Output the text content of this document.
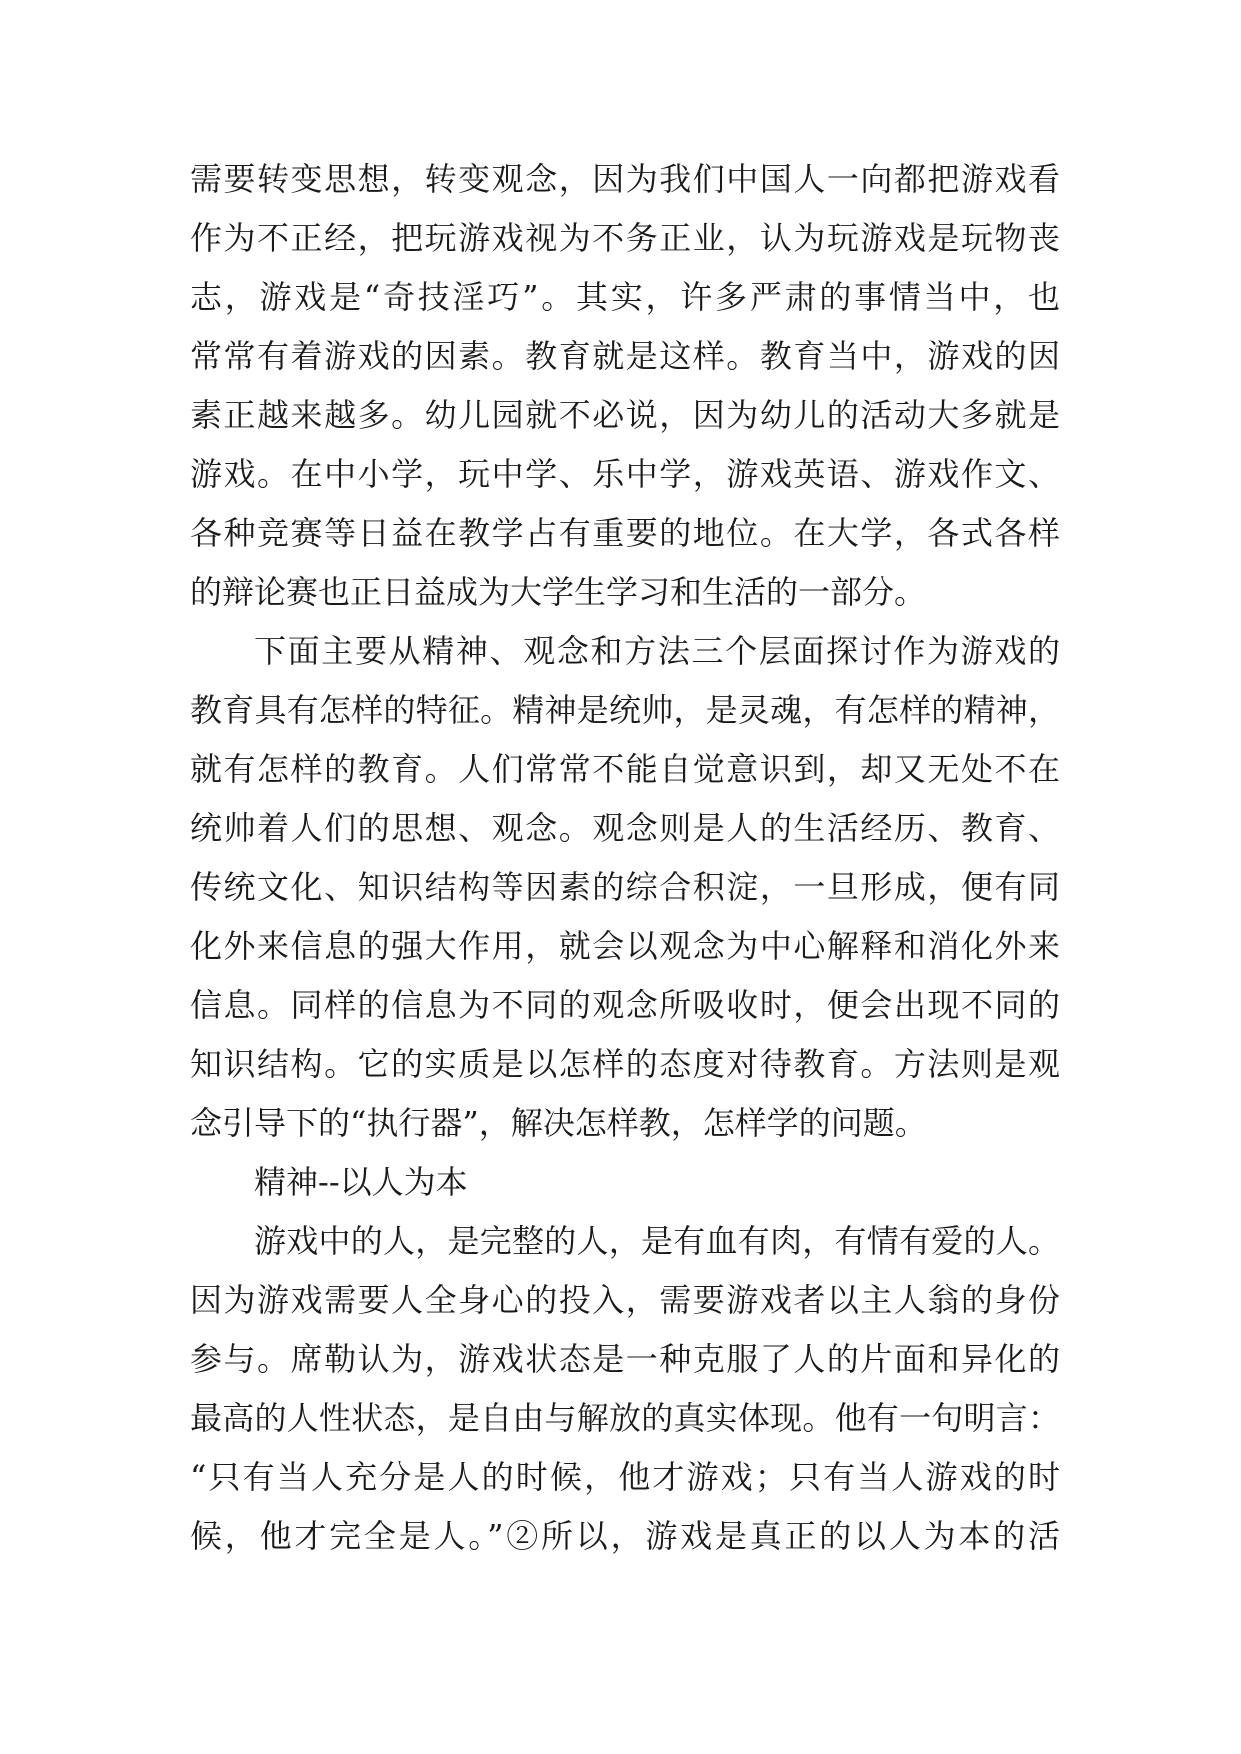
需要转变思想，转变观念，因为我们中国人一向都把游戏看
作为不正经，把玩游戏视为不务正业，认为玩游戏是玩物丧
志，游戏是“奇技淫巧”。其实，许多严肃的事情当中，也
常常有着游戏的因素。教育就是这样。教育当中，游戏的因
素正越来越多。幼儿园就不必说，因为幼儿的活动大多就是
游戏。在中小学，玩中学、乐中学，游戏英语、游戏作文、
各种竞赛等日益在教学占有重要的地位。在大学，各式各样
的辩论赛也正日益成为大学生学习和生活的一部分。
下面主要从精神、观念和方法三个层面探讨作为游戏的
教育具有怎样的特征。精神是统帅，是灵魂，有怎样的精神，
就有怎样的教育。人们常常不能自觉意识到，却又无处不在
统帅着人们的思想、观念。观念则是人的生活经历、教育、
传统文化、知识结构等因素的综合积淀，一旦形成，便有同
化外来信息的强大作用，就会以观念为中心解释和消化外来
信息。同样的信息为不同的观念所吸收时，便会出现不同的
知识结构。它的实质是以怎样的态度对待教育。方法则是观
念引导下的“执行器”，解决怎样教，怎样学的问题。
精神--以人为本
游戏中的人，是完整的人，是有血有肉，有情有爱的人。
因为游戏需要人全身心的投入，需要游戏者以主人翁的身份
参与。席勒认为，游戏状态是一种克服了人的片面和异化的
最高的人性状态，是自由与解放的真实体现。他有一句明言：
“只有当人充分是人的时候，他才游戏；只有当人游戏的时
候，他才完全是人。”②所以，游戏是真正的以人为本的活
